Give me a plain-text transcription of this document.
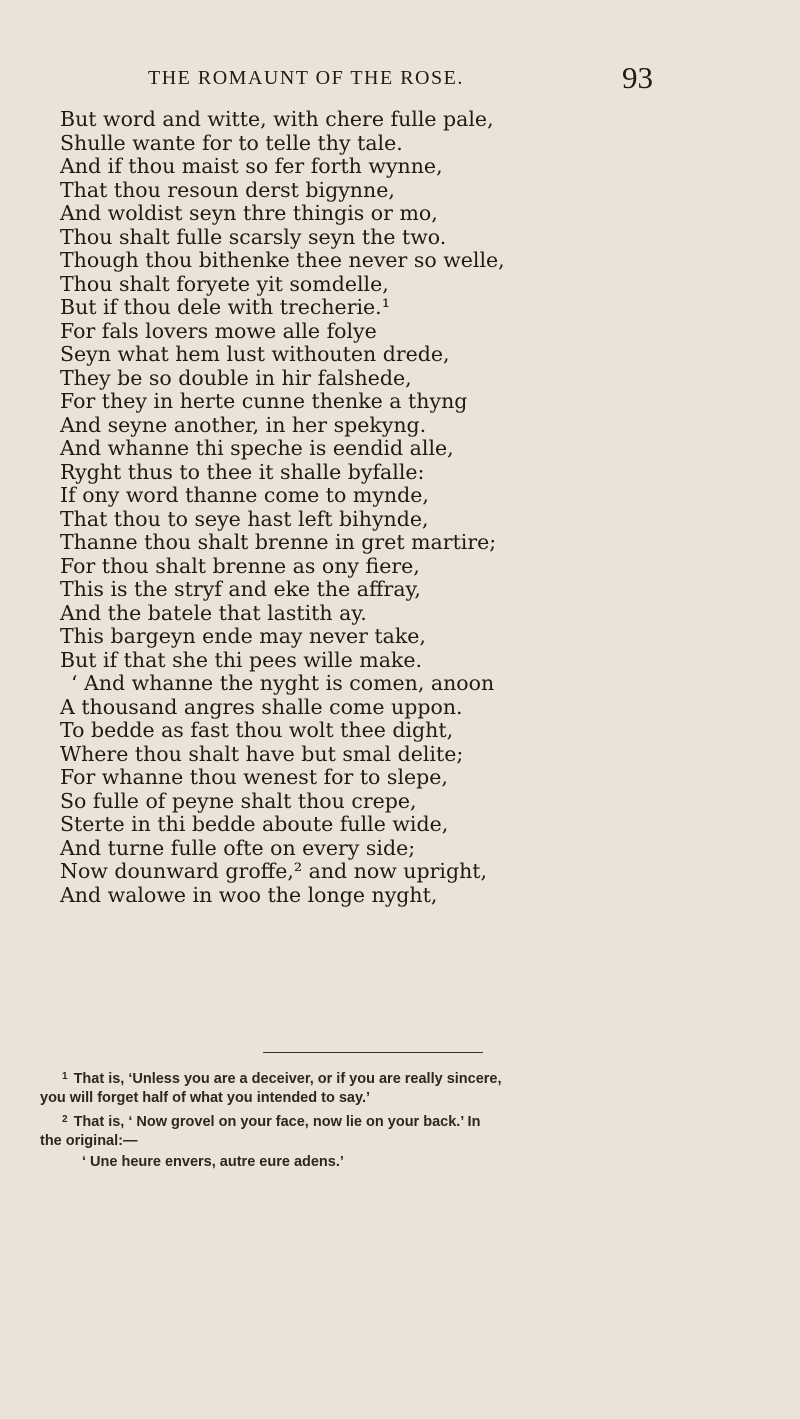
THE ROMAUNT OF THE ROSE.	93
But word and witte, with chere fulle pale,
Shulle wante for to telle thy tale.
And if thou maist so fer forth wynne,
That thou resoun derst bigynne,
And woldist seyn thre thingis or mo,
Thou shalt fulle scarsly seyn the two.
Though thou bithenke thee never so welle,
Thou shalt foryete yit somdelle,
But if thou dele with trecherie.¹
For fals lovers mowe alle folye
Seyn what hem lust withouten drede,
They be so double in hir falshede,
For they in herte cunne thenke a thyng
And seyne another, in her spekyng.
And whanne thi speche is eendid alle,
Ryght thus to thee it shalle byfalle:
If ony word thanne come to mynde,
That thou to seye hast left bihynde,
Thanne thou shalt brenne in gret martire;
For thou shalt brenne as ony fiere,
This is the stryf and eke the affray,
And the batele that lastith ay.
This bargeyn ende may never take,
But if that she thi pees wille make.
‘ And whanne the nyght is comen, anoon
A thousand angres shalle come uppon.
To bedde as fast thou wolt thee dight,
Where thou shalt have but smal delite;
For whanne thou wenest for to slepe,
So fulle of peyne shalt thou crepe,
Sterte in thi bedde aboute fulle wide,
And turne fulle ofte on every side;
Now dounward groffe,² and now upright,
And walowe in woo the longe nyght,
$^1$ That is, ‘Unless you are a deceiver, or if you are really sincere,
you will forget half of what you intended to say.’
$^2$ That is, ‘ Now grovel on your face, now lie on your back.’ In
the original:—
‘ Une heure envers, autre eure adens.’
